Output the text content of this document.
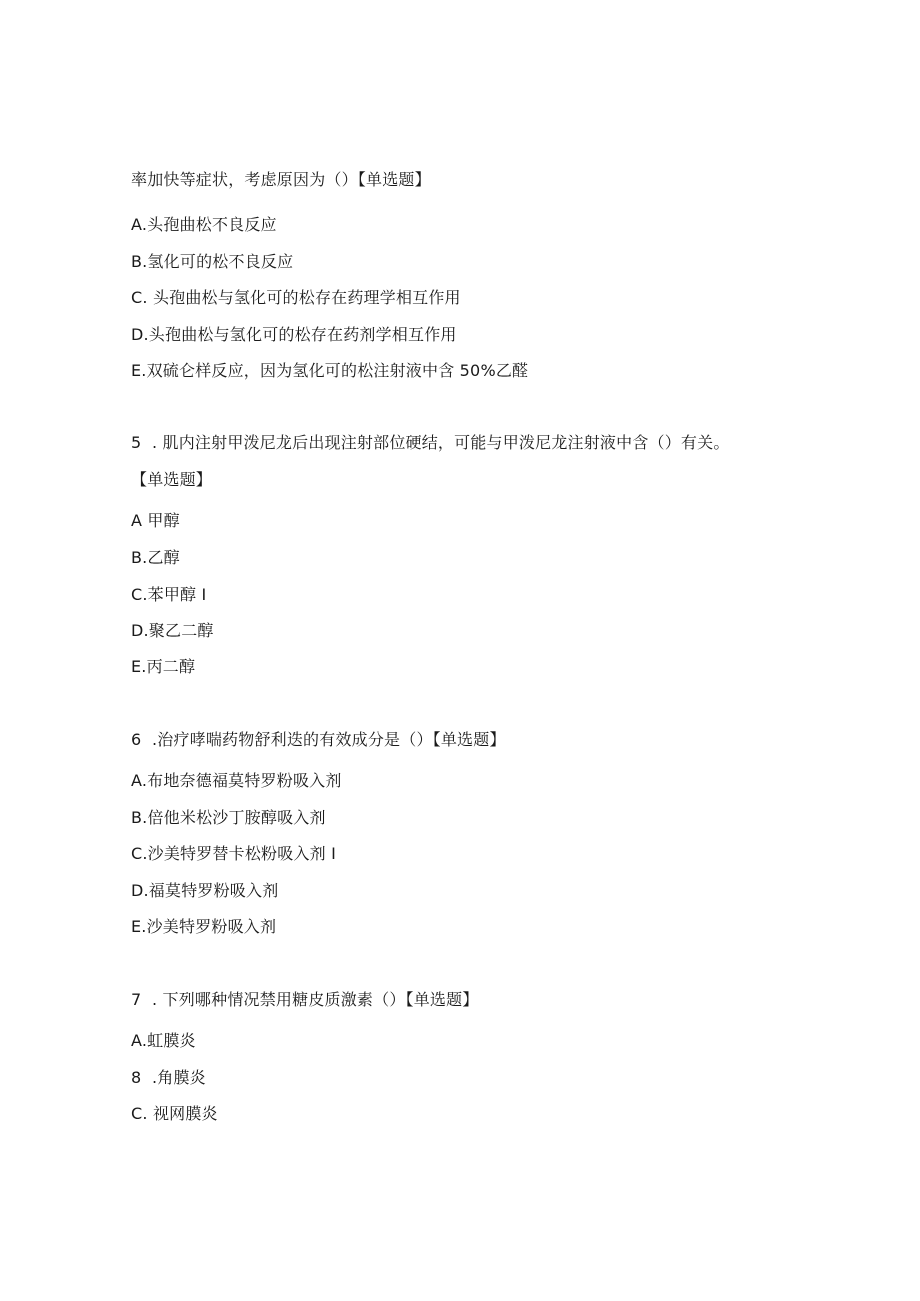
率加快等症状，考虑原因为（）【单选题】
A.头孢曲松不良反应
B.氢化可的松不良反应
C. 头孢曲松与氢化可的松存在药理学相互作用
D.头孢曲松与氢化可的松存在药剂学相互作用
E.双硫仑样反应，因为氢化可的松注射液中含 50%乙醛
5  . 肌内注射甲泼尼龙后出现注射部位硬结，可能与甲泼尼龙注射液中含（）有关。
【单选题】
A 甲醇
B.乙醇
C.苯甲醇 I
D.聚乙二醇
E.丙二醇
6  .治疗哮喘药物舒利迭的有效成分是（）【单选题】
A.布地奈德福莫特罗粉吸入剂
B.倍他米松沙丁胺醇吸入剂
C.沙美特罗替卡松粉吸入剂 I
D.福莫特罗粉吸入剂
E.沙美特罗粉吸入剂
7  . 下列哪种情况禁用糖皮质激素（）【单选题】
A.虹膜炎
8  .角膜炎
C. 视网膜炎
